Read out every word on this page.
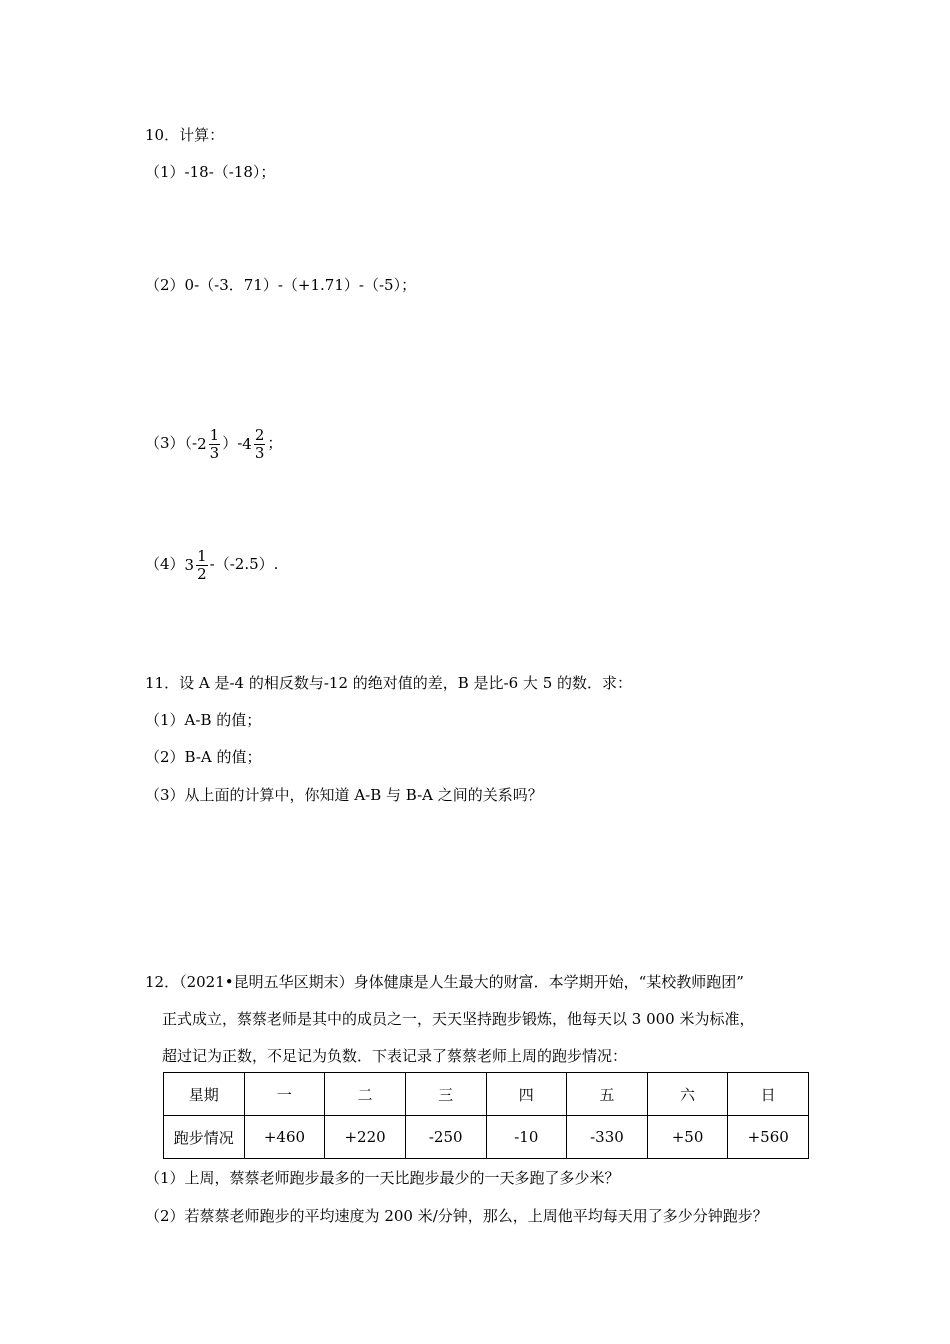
10．计算：
（1）-18-（-18）；
（2）0-（-3．71）-（+1.71）-（-5）；
$(3)(-2 \frac{1}{3} )-4 \frac{2}{3}$ ；
$(4)3 \frac{1}{2} -(-2.5)$.
11．设 A 是-4 的相反数与-12 的绝对值的差，B 是比-6 大 5 的数．求：
（1）A-B 的值；
（2）B-A 的值；
（3）从上面的计算中，你知道 A-B 与 B-A 之间的关系吗？
12．（2021•昆明五华区期末）身体健康是人生最大的财富．本学期开始，“某校教师跑团”
正式成立，蔡蔡老师是其中的成员之一，天天坚持跑步锻炼，他每天以 3 000 米为标准，
超过记为正数，不足记为负数．下表记录了蔡蔡老师上周的跑步情况：
星期	一	二	三	四	五	六	日
跑步情况	+460	+220	-250	-10	-330	+50	+560
（1）上周，蔡蔡老师跑步最多的一天比跑步最少的一天多跑了多少米？
（2）若蔡蔡老师跑步的平均速度为 200 米/分钟，那么，上周他平均每天用了多少分钟跑步？
